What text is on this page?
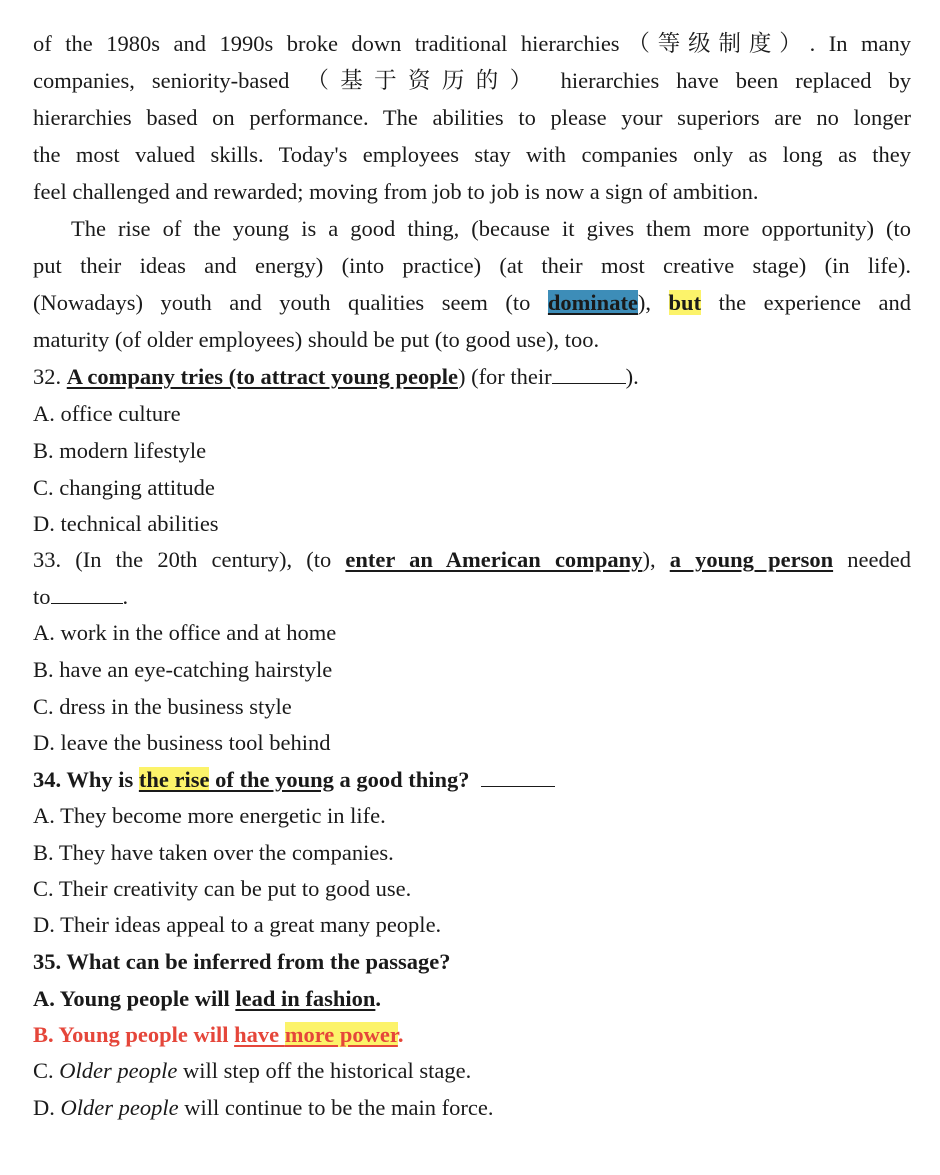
of the 1980s and 1990s broke down traditional hierarchies（等级制度）. In many
companies, seniority-based （基于资历的） hierarchies have been replaced by
hierarchies based on performance. The abilities to please your superiors are no longer
the most valued skills. Today's employees stay with companies only as long as they
feel challenged and rewarded; moving from job to job is now a sign of ambition.
The rise of the young is a good thing, (because it gives them more opportunity) (to
put their ideas and energy) (into practice) (at their most creative stage) (in life).
(Nowadays) youth and youth qualities seem (to dominate), but the experience and
maturity (of older employees) should be put (to good use), too.
32. A company tries (to attract young people) (for their	).
A. office culture
B. modern lifestyle
C. changing attitude
D. technical abilities
33. (In the 20th century), (to enter an American company), a young person needed
to	.
A. work in the office and at home
B. have an eye-catching hairstyle
C. dress in the business style
D. leave the business tool behind
34. Why is the rise of the young a good thing?
A. They become more energetic in life.
B. They have taken over the companies.
C. Their creativity can be put to good use.
D. Their ideas appeal to a great many people.
35. What can be inferred from the passage?
A. Young people will lead in fashion.
B. Young people will have more power.
C. Older people will step off the historical stage.
D. Older people will continue to be the main force.
